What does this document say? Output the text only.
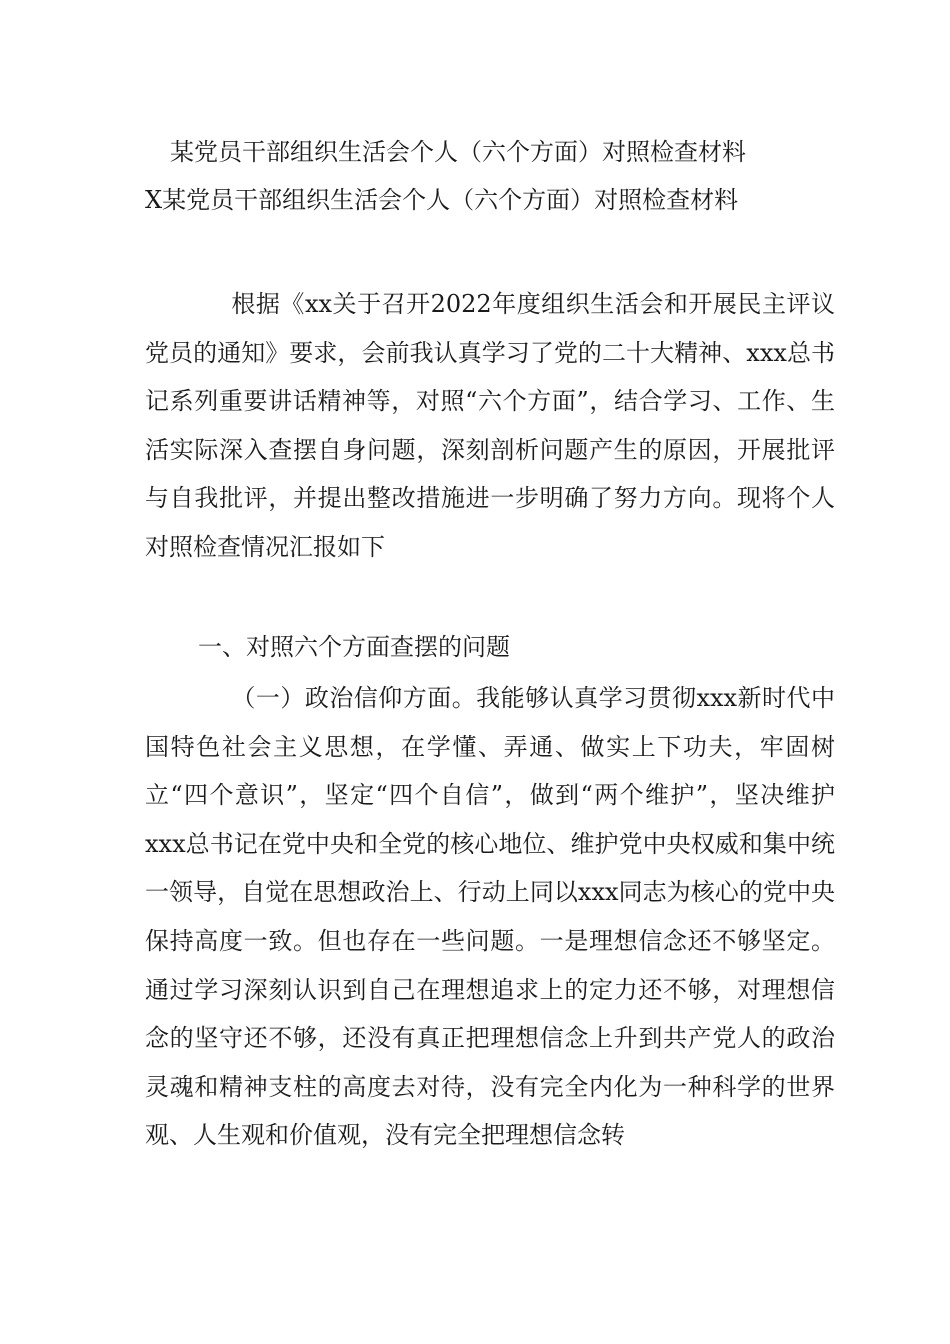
某党员干部组织生活会个人（六个方面）对照检查材料
X某党员干部组织生活会个人（六个方面）对照检查材料

根据《xx关于召开2022年度组织生活会和开展民主评议党员的通知》要求，会前我认真学习了党的二十大精神、xxx总书记系列重要讲话精神等，对照“六个方面”，结合学习、工作、生活实际深入查摆自身问题，深刻剖析问题产生的原因，开展批评与自我批评，并提出整改措施进一步明确了努力方向。现将个人对照检查情况汇报如下

一、对照六个方面查摆的问题

（一）政治信仰方面。我能够认真学习贯彻xxx新时代中国特色社会主义思想，在学懂、弄通、做实上下功夫，牢固树立“四个意识”，坚定“四个自信”，做到“两个维护”，坚决维护xxx总书记在党中央和全党的核心地位、维护党中央权威和集中统一领导，自觉在思想政治上、行动上同以xxx同志为核心的党中央保持高度一致。但也存在一些问题。一是理想信念还不够坚定。通过学习深刻认识到自己在理想追求上的定力还不够，对理想信念的坚守还不够，还没有真正把理想信念上升到共产党人的政治灵魂和精神支柱的高度去对待，没有完全内化为一种科学的世界观、人生观和价值观，没有完全把理想信念转
